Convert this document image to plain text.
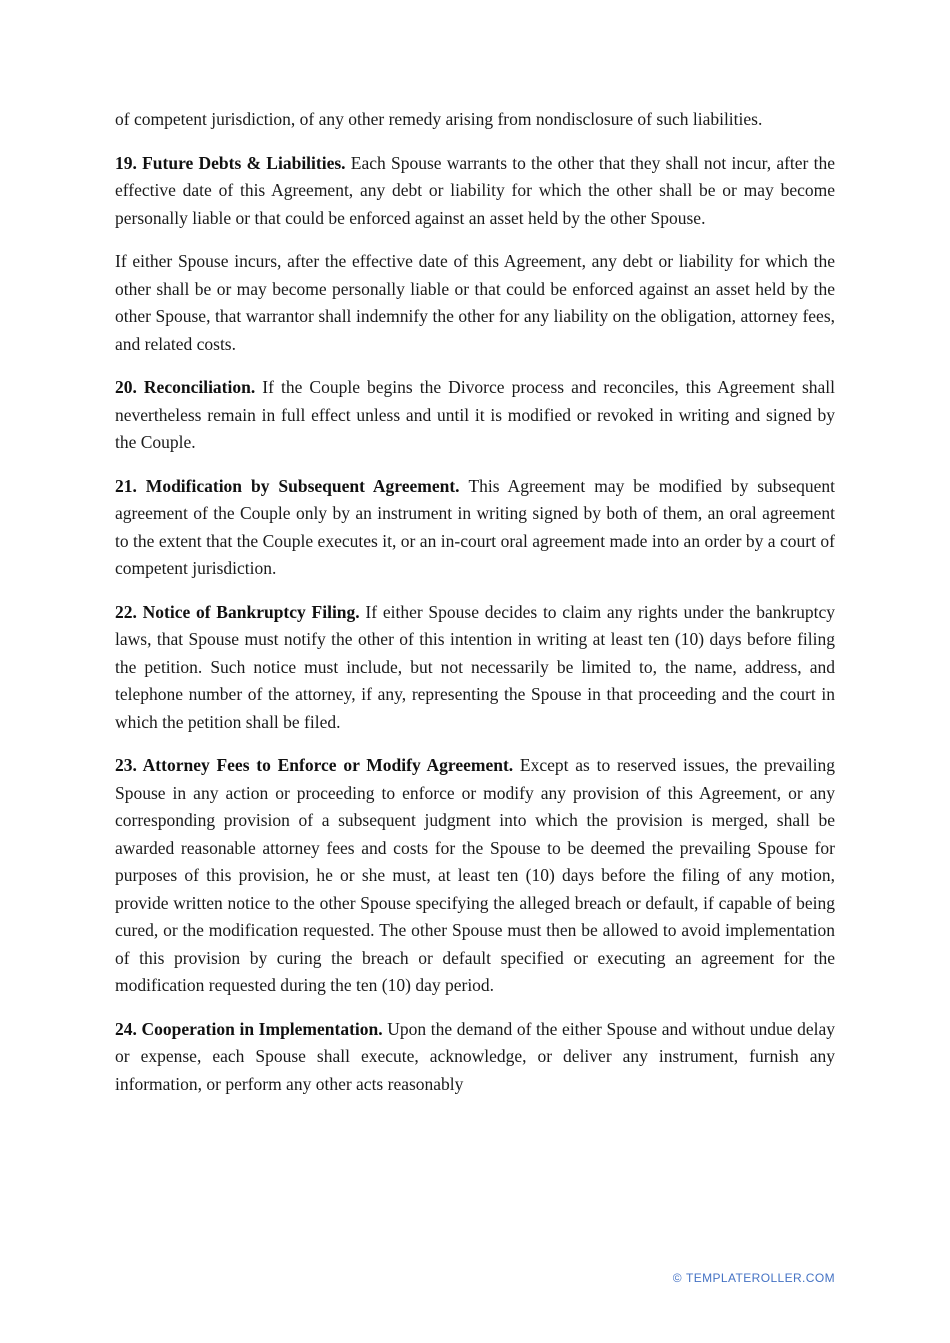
of competent jurisdiction, of any other remedy arising from nondisclosure of such liabilities.

19. Future Debts & Liabilities. Each Spouse warrants to the other that they shall not incur, after the effective date of this Agreement, any debt or liability for which the other shall be or may become personally liable or that could be enforced against an asset held by the other Spouse.

If either Spouse incurs, after the effective date of this Agreement, any debt or liability for which the other shall be or may become personally liable or that could be enforced against an asset held by the other Spouse, that warrantor shall indemnify the other for any liability on the obligation, attorney fees, and related costs.

20. Reconciliation. If the Couple begins the Divorce process and reconciles, this Agreement shall nevertheless remain in full effect unless and until it is modified or revoked in writing and signed by the Couple.

21. Modification by Subsequent Agreement. This Agreement may be modified by subsequent agreement of the Couple only by an instrument in writing signed by both of them, an oral agreement to the extent that the Couple executes it, or an in-court oral agreement made into an order by a court of competent jurisdiction.

22. Notice of Bankruptcy Filing. If either Spouse decides to claim any rights under the bankruptcy laws, that Spouse must notify the other of this intention in writing at least ten (10) days before filing the petition. Such notice must include, but not necessarily be limited to, the name, address, and telephone number of the attorney, if any, representing the Spouse in that proceeding and the court in which the petition shall be filed.

23. Attorney Fees to Enforce or Modify Agreement. Except as to reserved issues, the prevailing Spouse in any action or proceeding to enforce or modify any provision of this Agreement, or any corresponding provision of a subsequent judgment into which the provision is merged, shall be awarded reasonable attorney fees and costs for the Spouse to be deemed the prevailing Spouse for purposes of this provision, he or she must, at least ten (10) days before the filing of any motion, provide written notice to the other Spouse specifying the alleged breach or default, if capable of being cured, or the modification requested. The other Spouse must then be allowed to avoid implementation of this provision by curing the breach or default specified or executing an agreement for the modification requested during the ten (10) day period.

24. Cooperation in Implementation. Upon the demand of the either Spouse and without undue delay or expense, each Spouse shall execute, acknowledge, or deliver any instrument, furnish any information, or perform any other acts reasonably

© TEMPLATEROLLER.COM
